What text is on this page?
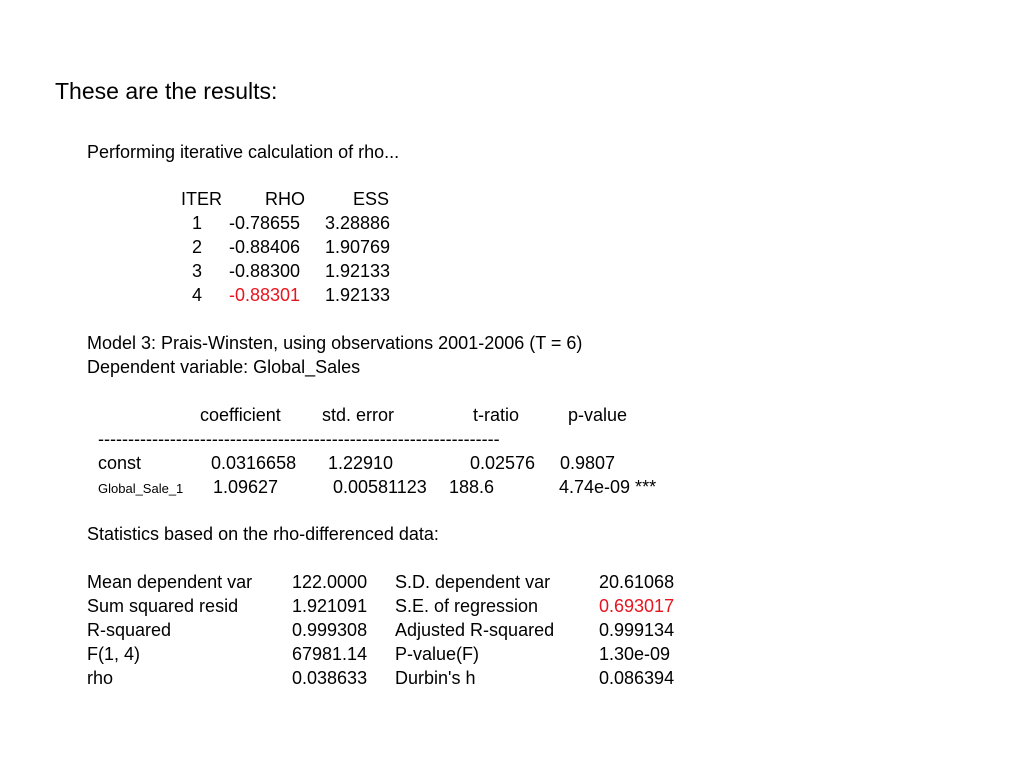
These are the results:
Performing iterative calculation of rho...
ITER RHO	ESS
1 -0.78655 3.28886
2 -0.88406 1.90769
3 -0.88300 1.92133
4 -0.88301 1.92133
Model 3: Prais-Winsten, using observations 2001-2006 (T = 6)
Dependent variable: Global_Sales
coefficient std. error	t-ratio	p-value
-------------------------------------------------------------------
const	0.0316658 1.22910	0.02576 0.9807
Global_Sale_1 1.09627	0.00581123 188.6	4.74e-09 ***
Statistics based on the rho-differenced data:
Mean dependent var 122.0000 S.D. dependent var	20.61068
Sum squared resid	1.921091 S.E. of regression	0.693017
R-squared	0.999308 Adjusted R-squared 0.999134
F(1, 4)	67981.14 P-value(F)	1.30e-09
rho	0.038633 Durbin's h	0.086394
